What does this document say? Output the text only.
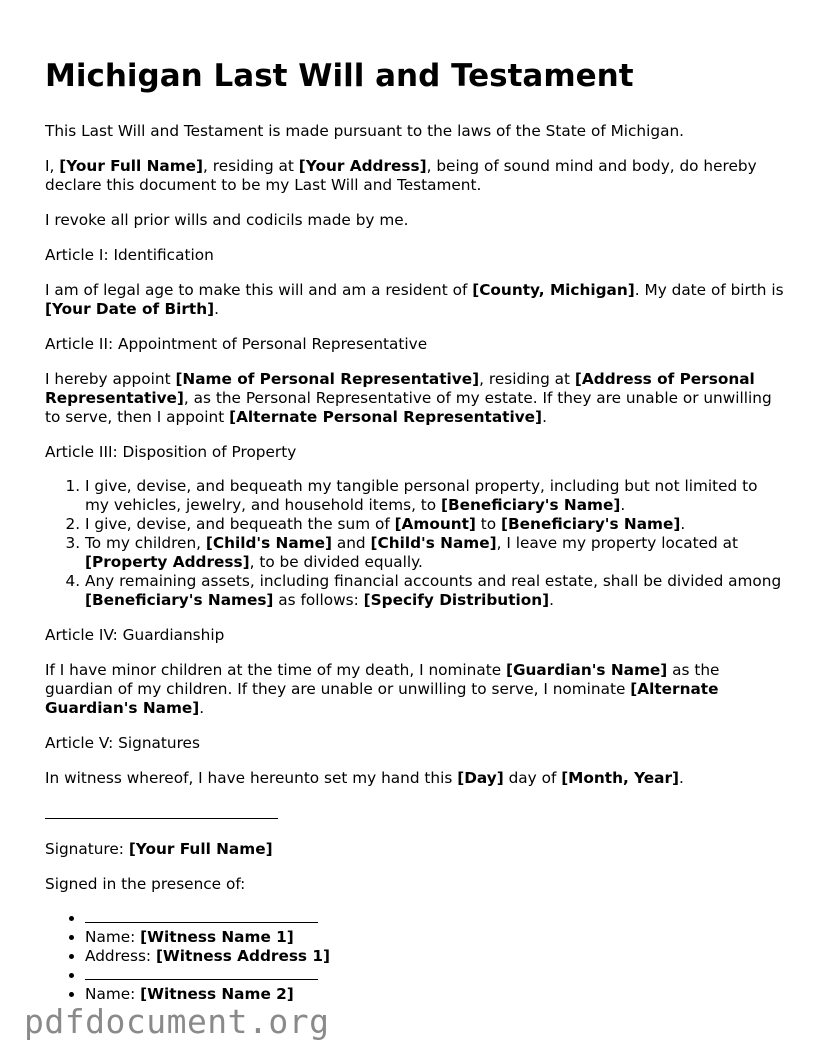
Michigan Last Will and Testament

This Last Will and Testament is made pursuant to the laws of the State of Michigan.

I, [Your Full Name], residing at [Your Address], being of sound mind and body, do hereby declare this document to be my Last Will and Testament.

I revoke all prior wills and codicils made by me.

Article I: Identification

I am of legal age to make this will and am a resident of [County, Michigan]. My date of birth is [Your Date of Birth].

Article II: Appointment of Personal Representative

I hereby appoint [Name of Personal Representative], residing at [Address of Personal Representative], as the Personal Representative of my estate. If they are unable or unwilling to serve, then I appoint [Alternate Personal Representative].

Article III: Disposition of Property

1. I give, devise, and bequeath my tangible personal property, including but not limited to my vehicles, jewelry, and household items, to [Beneficiary's Name].
2. I give, devise, and bequeath the sum of [Amount] to [Beneficiary's Name].
3. To my children, [Child's Name] and [Child's Name], I leave my property located at [Property Address], to be divided equally.
4. Any remaining assets, including financial accounts and real estate, shall be divided among [Beneficiary's Names] as follows: [Specify Distribution].

Article IV: Guardianship

If I have minor children at the time of my death, I nominate [Guardian's Name] as the guardian of my children. If they are unable or unwilling to serve, I nominate [Alternate Guardian's Name].

Article V: Signatures

In witness whereof, I have hereunto set my hand this [Day] day of [Month, Year].

Signature: [Your Full Name]

Signed in the presence of:

•
• Name: [Witness Name 1]
• Address: [Witness Address 1]
•
• Name: [Witness Name 2]
pdfdocument.org
